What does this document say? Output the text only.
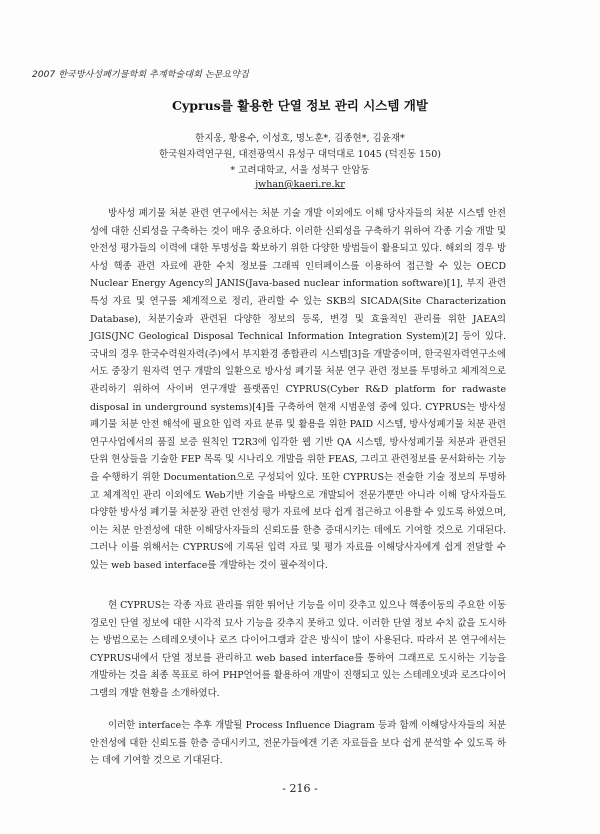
2007 한국방사성폐기물학회 추계학술대회 논문요약집
Cyprus를 활용한 단열 정보 관리 시스템 개발
한지웅, 황용수, 이성호, 명노훈*, 김종현*, 김윤재*
한국원자력연구원, 대전광역시 유성구 대덕대로 1045 (덕진동 150)
* 고려대학교, 서울 성북구 안암동
jwhan@kaeri.re.kr

방사성 폐기물 처분 관련 연구에서는 처분 기술 개발 이외에도 이해 당사자들의 처분 시스템 안전성에 대한 신뢰성을 구축하는 것이 매우 중요하다. 이러한 신뢰성을 구축하기 위하여 각종 기술 개발 및 안전성 평가들의 이력에 대한 투명성을 확보하기 위한 다양한 방법들이 활용되고 있다. 해외의 경우 방사성 핵종 관련 자료에 관한 수치 정보를 그래픽 인터페이스를 이용하여 접근할 수 있는 OECD Nuclear Energy Agency의 JANIS(Java-based nuclear information software)[1], 부지 관련 특성 자료 및 연구를 체계적으로 정리, 관리할 수 있는 SKB의 SICADA(Site Characterization Database), 처분기술과 관련된 다양한 정보의 등록, 변경 및 효율적인 관리를 위한 JAEA의 JGIS(JNC Geological Disposal Technical Information Integration System)[2] 등이 있다. 국내의 경우 한국수력원자력(주)에서 부지환경 종합관리 시스템[3]을 개발중이며, 한국원자력연구소에서도 중장기 원자력 연구 개발의 일환으로 방사성 폐기물 처분 연구 관련 정보를 투명하고 체계적으로 관리하기 위하여 사이버 연구개발 플랫폼인 CYPRUS(Cyber R&D platform for radwaste disposal in underground systems)[4]를 구축하여 현재 시범운영 중에 있다. CYPRUS는 방사성폐기물 처분 안전 해석에 필요한 입력 자료 분류 및 활용을 위한 PAID 시스템, 방사성폐기물 처분 관련 연구사업에서의 품질 보증 원칙인 T2R3에 입각한 웹 기반 QA 시스템, 방사성폐기물 처분과 관련된 단위 현상들을 기술한 FEP 목록 및 시나리오 개발을 위한 FEAS, 그리고 관련정보를 문서화하는 기능을 수행하기 위한 Documentation으로 구성되어 있다. 또한 CYPRUS는 전술한 기술 정보의 투명하고 체계적인 관리 이외에도 Web기반 기술을 바탕으로 개발되어 전문가뿐만 아니라 이해 당사자들도 다양한 방사성 폐기물 처분장 관련 안전성 평가 자료에 보다 쉽게 접근하고 이용할 수 있도록 하였으며, 이는 처분 안전성에 대한 이해당사자들의 신뢰도를 한층 증대시키는 데에도 기여할 것으로 기대된다. 그러나 이를 위해서는 CYPRUS에 기록된 입력 자료 및 평가 자료를 이해당사자에게 쉽게 전달할 수 있는 web based interface를 개발하는 것이 필수적이다.

현 CYPRUS는 각종 자료 관리를 위한 뛰어난 기능을 이미 갖추고 있으나 핵종이동의 주요한 이동 경로인 단열 정보에 대한 시각적 묘사 기능을 갖추지 못하고 있다. 이러한 단열 정보 수치 값을 도시하는 방법으로는 스테레오넷이나 로즈 다이어그램과 같은 방식이 많이 사용된다. 따라서 본 연구에서는 CYPRUS내에서 단열 정보를 관리하고 web based interface를 통하여 그래프로 도시하는 기능을 개발하는 것을 최종 목표로 하여 PHP언어를 활용하여 개발이 진행되고 있는 스테레오넷과 로즈다이어그램의 개발 현황을 소개하였다.

이러한 interface는 추후 개발될 Process Influence Diagram 등과 함께 이해당사자들의 처분 안전성에 대한 신뢰도를 한층 증대시키고, 전문가들에겐 기존 자료들을 보다 쉽게 분석할 수 있도록 하는 데에 기여할 것으로 기대된다.

- 216 -
